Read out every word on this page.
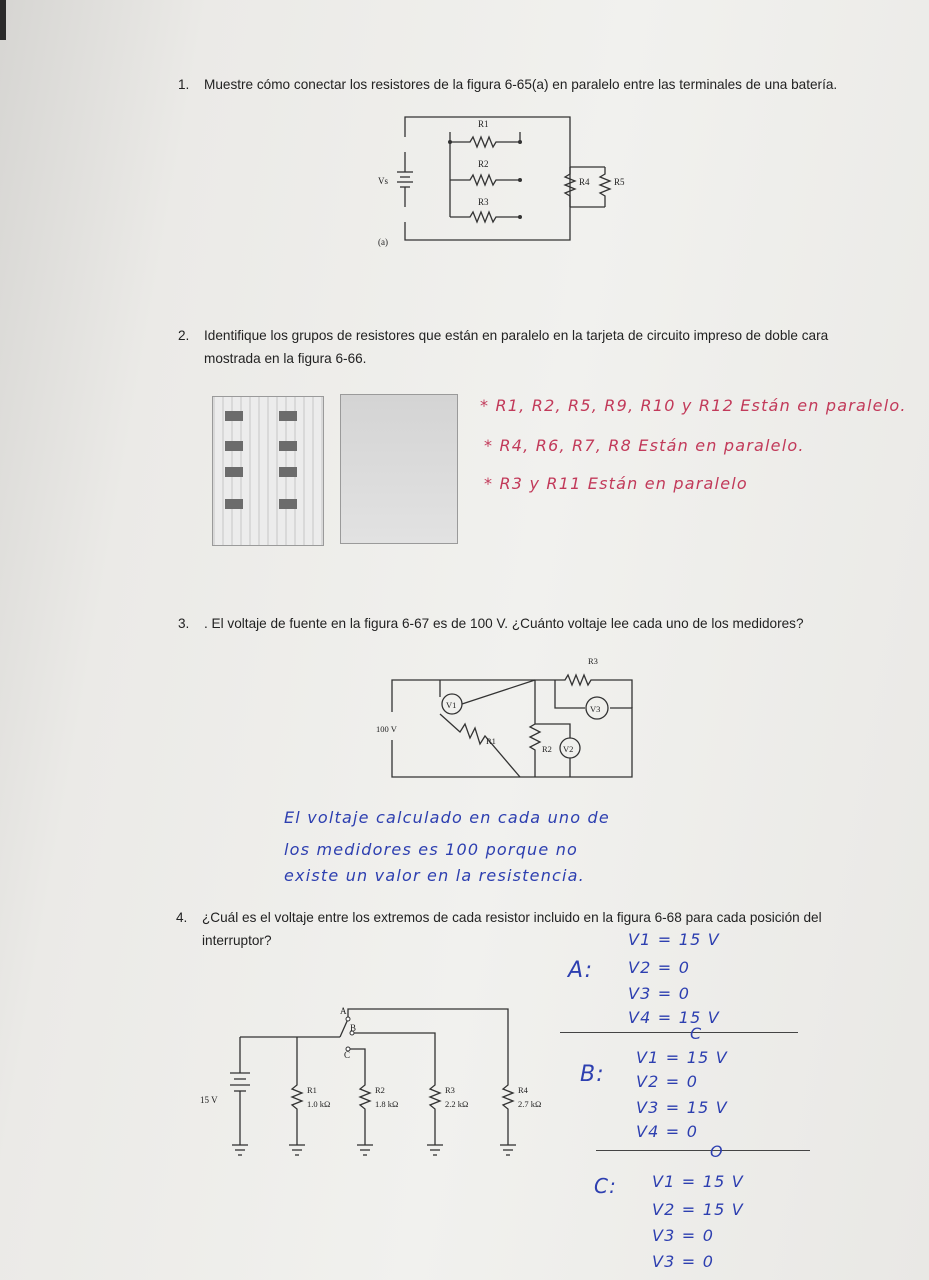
1. Muestre cómo conectar los resistores de la figura 6-65(a) en paralelo entre las terminales de una batería.
R1
R2
R3
R4	R5
Vs
(a)
2. Identifique los grupos de resistores que están en paralelo en la tarjeta de circuito impreso de doble cara mostrada en la figura 6-66.
* R1, R2, R5, R9, R10 y R12 Están en paralelo.
* R4, R6, R7, R8 Están en paralelo.
* R3 y R11 Están en paralelo
3. . El voltaje de fuente en la figura 6-67 es de 100 V. ¿Cuánto voltaje lee cada uno de los medidores?
100 V
V1
V2
V3
R1
R2
R3
El voltaje calculado en cada uno de
los medidores es 100 porque no
existe un valor en la resistencia.
4. ¿Cuál es el voltaje entre los extremos de cada resistor incluido en la figura 6-68 para cada posición del interruptor?
15 V
A
B
C
R1
1.0 kΩ
R2
1.8 kΩ
R3
2.2 kΩ
R4
2.7 kΩ
A:
V1 = 15 V
V2 = 0
V3 = 0
V4 = 15 V
C
B:
V1 = 15 V
V2 = 0
V3 = 15 V
V4 = 0
O
C: V1 = 15 V
V2 = 15 V
V3 = 0
V3 = 0
